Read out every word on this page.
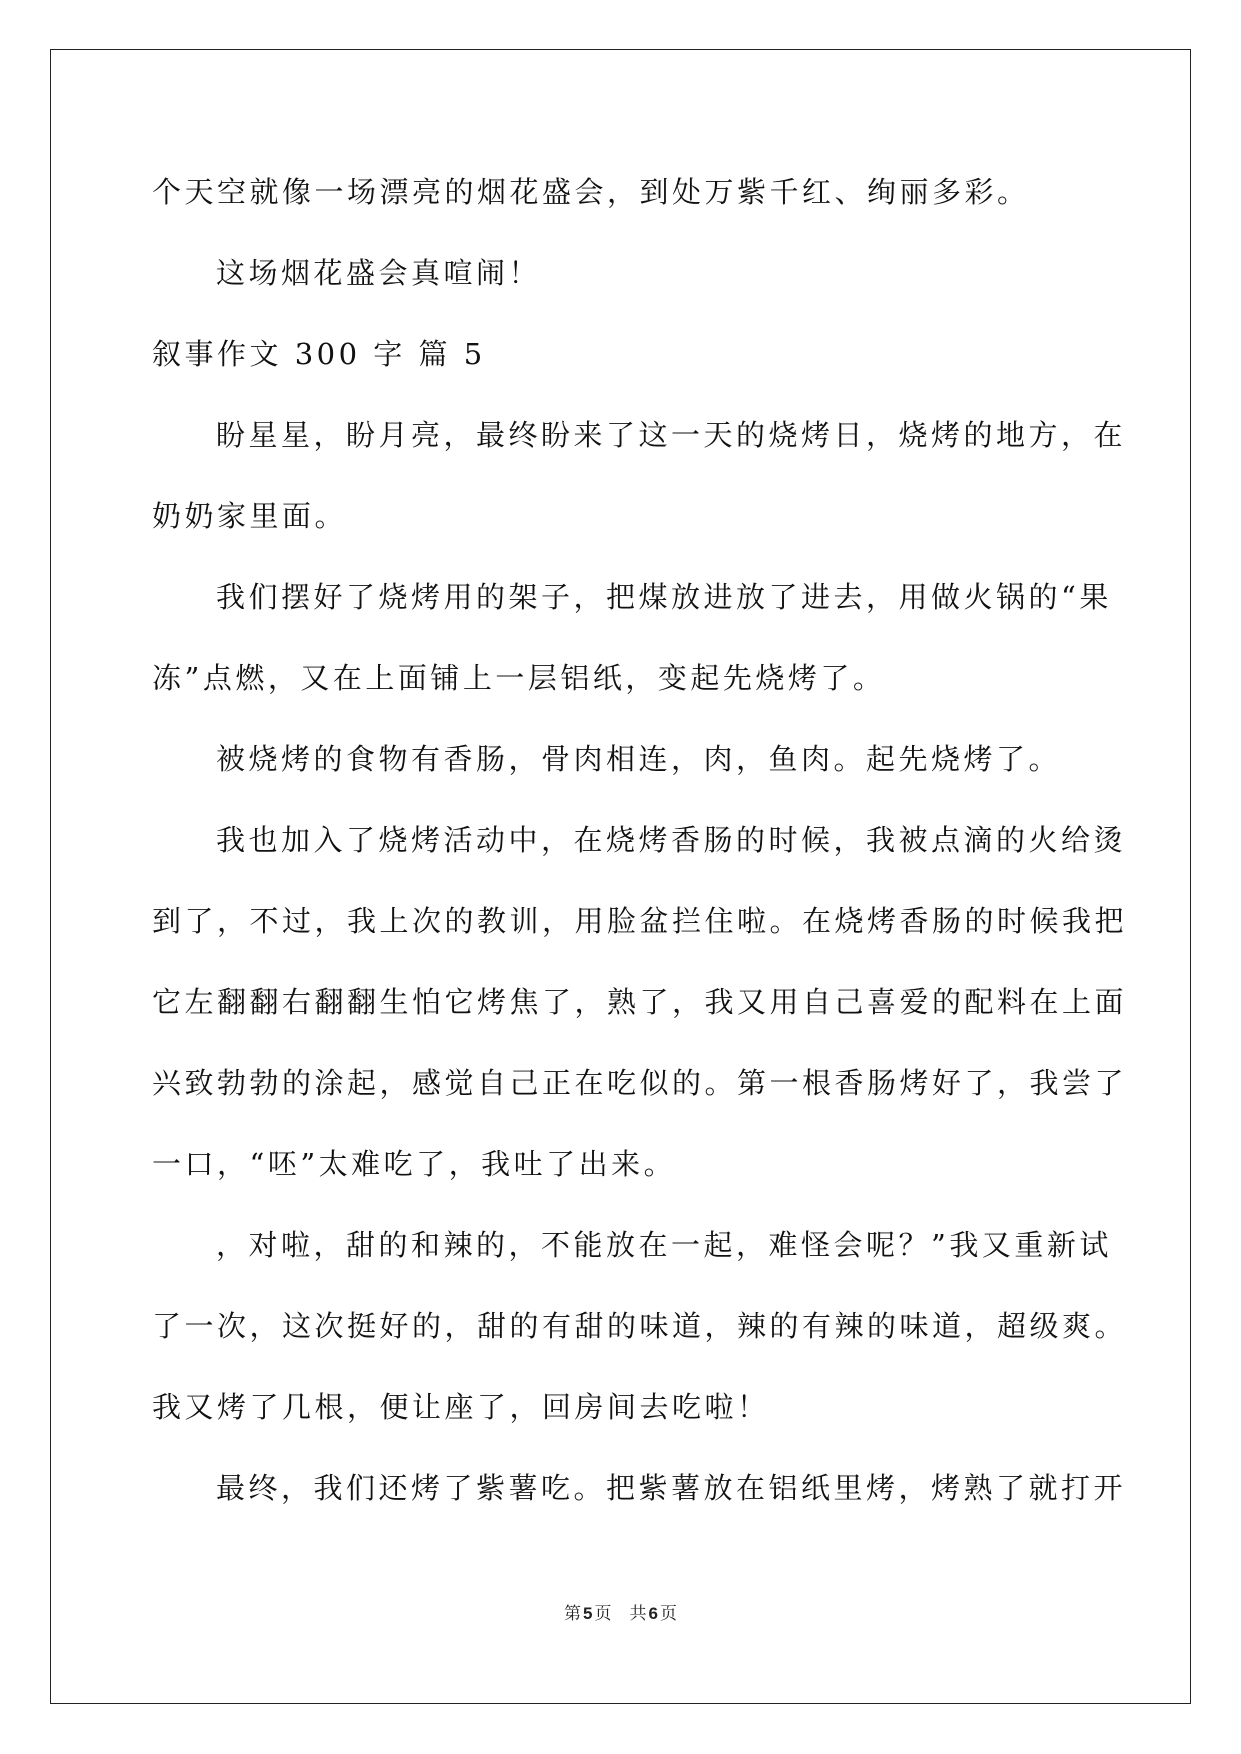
个天空就像一场漂亮的烟花盛会，到处万紫千红、绚丽多彩。
这场烟花盛会真喧闹！
叙事作文 300 字 篇 5
盼星星，盼月亮，最终盼来了这一天的烧烤日，烧烤的地方，在
奶奶家里面。
我们摆好了烧烤用的架子，把煤放进放了进去，用做火锅的“果
冻”点燃，又在上面铺上一层铝纸，变起先烧烤了。
被烧烤的食物有香肠，骨肉相连，肉，鱼肉。起先烧烤了。
我也加入了烧烤活动中，在烧烤香肠的时候，我被点滴的火给烫
到了，不过，我上次的教训，用脸盆拦住啦。在烧烤香肠的时候我把
它左翻翻右翻翻生怕它烤焦了，熟了，我又用自己喜爱的配料在上面
兴致勃勃的涂起，感觉自己正在吃似的。第一根香肠烤好了，我尝了
一口，“呸”太难吃了，我吐了出来。
，对啦，甜的和辣的，不能放在一起，难怪会呢？”我又重新试
了一次，这次挺好的，甜的有甜的味道，辣的有辣的味道，超级爽。
我又烤了几根，便让座了，回房间去吃啦！
最终，我们还烤了紫薯吃。把紫薯放在铝纸里烤，烤熟了就打开
第 5 页 共 6 页
